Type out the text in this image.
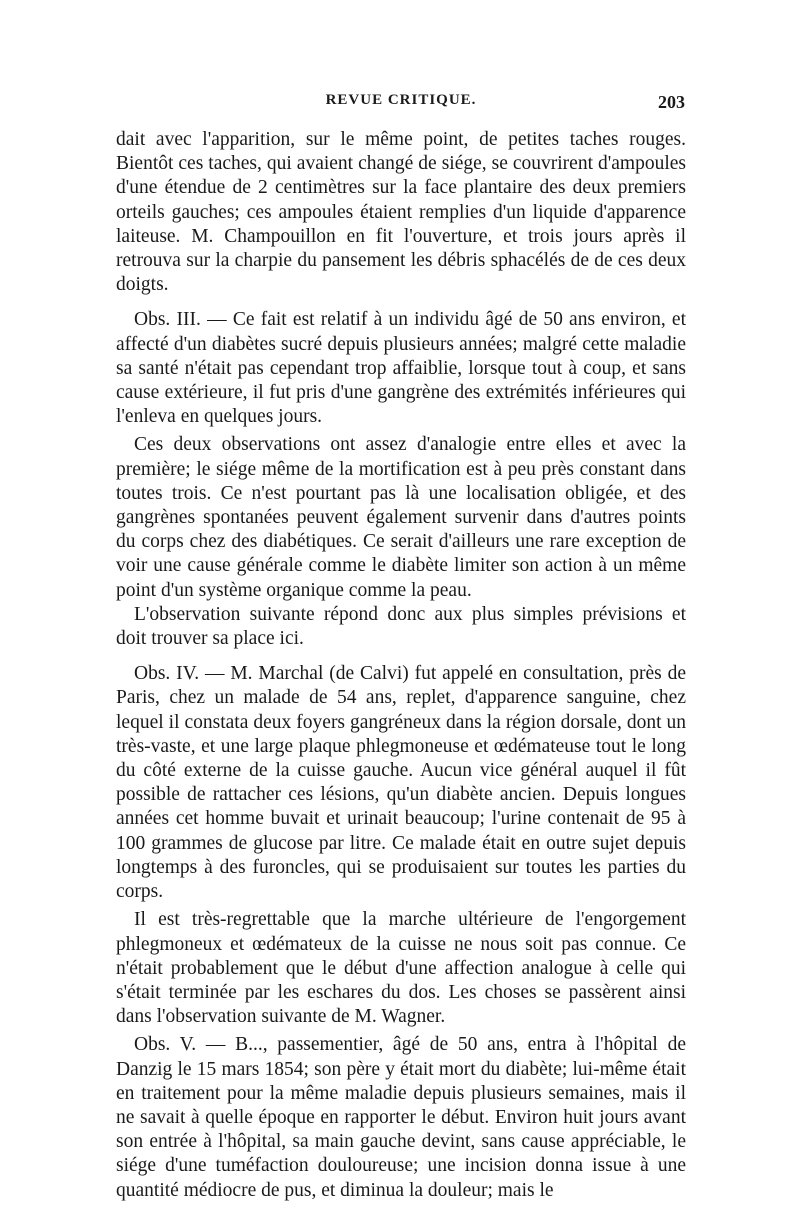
REVUE CRITIQUE.	203

dait avec l'apparition, sur le même point, de petites taches rouges. Bientôt ces taches, qui avaient changé de siége, se couvrirent d'ampoules d'une étendue de 2 centimètres sur la face plantaire des deux premiers orteils gauches; ces ampoules étaient remplies d'un liquide d'apparence laiteuse. M. Champouillon en fit l'ouverture, et trois jours après il retrouva sur la charpie du pansement les débris sphacélés de de ces deux doigts.

Obs. III. — Ce fait est relatif à un individu âgé de 50 ans environ, et affecté d'un diabètes sucré depuis plusieurs années; malgré cette maladie sa santé n'était pas cependant trop affaiblie, lorsque tout à coup, et sans cause extérieure, il fut pris d'une gangrène des extrémités inférieures qui l'enleva en quelques jours.

Ces deux observations ont assez d'analogie entre elles et avec la première; le siége même de la mortification est à peu près constant dans toutes trois. Ce n'est pourtant pas là une localisation obligée, et des gangrènes spontanées peuvent également survenir dans d'autres points du corps chez des diabétiques. Ce serait d'ailleurs une rare exception de voir une cause générale comme le diabète limiter son action à un même point d'un système organique comme la peau.

L'observation suivante répond donc aux plus simples prévisions et doit trouver sa place ici.

Obs. IV. — M. Marchal (de Calvi) fut appelé en consultation, près de Paris, chez un malade de 54 ans, replet, d'apparence sanguine, chez lequel il constata deux foyers gangréneux dans la région dorsale, dont un très-vaste, et une large plaque phlegmoneuse et œdémateuse tout le long du côté externe de la cuisse gauche. Aucun vice général auquel il fût possible de rattacher ces lésions, qu'un diabète ancien. Depuis longues années cet homme buvait et urinait beaucoup; l'urine contenait de 95 à 100 grammes de glucose par litre. Ce malade était en outre sujet depuis longtemps à des furoncles, qui se produisaient sur toutes les parties du corps.

Il est très-regrettable que la marche ultérieure de l'engorgement phlegmoneux et œdémateux de la cuisse ne nous soit pas connue. Ce n'était probablement que le début d'une affection analogue à celle qui s'était terminée par les eschares du dos. Les choses se passèrent ainsi dans l'observation suivante de M. Wagner.

Obs. V. — B..., passementier, âgé de 50 ans, entra à l'hôpital de Danzig le 15 mars 1854; son père y était mort du diabète; lui-même était en traitement pour la même maladie depuis plusieurs semaines, mais il ne savait à quelle époque en rapporter le début. Environ huit jours avant son entrée à l'hôpital, sa main gauche devint, sans cause appréciable, le siége d'une tuméfaction douloureuse; une incision donna issue à une quantité médiocre de pus, et diminua la douleur; mais le
